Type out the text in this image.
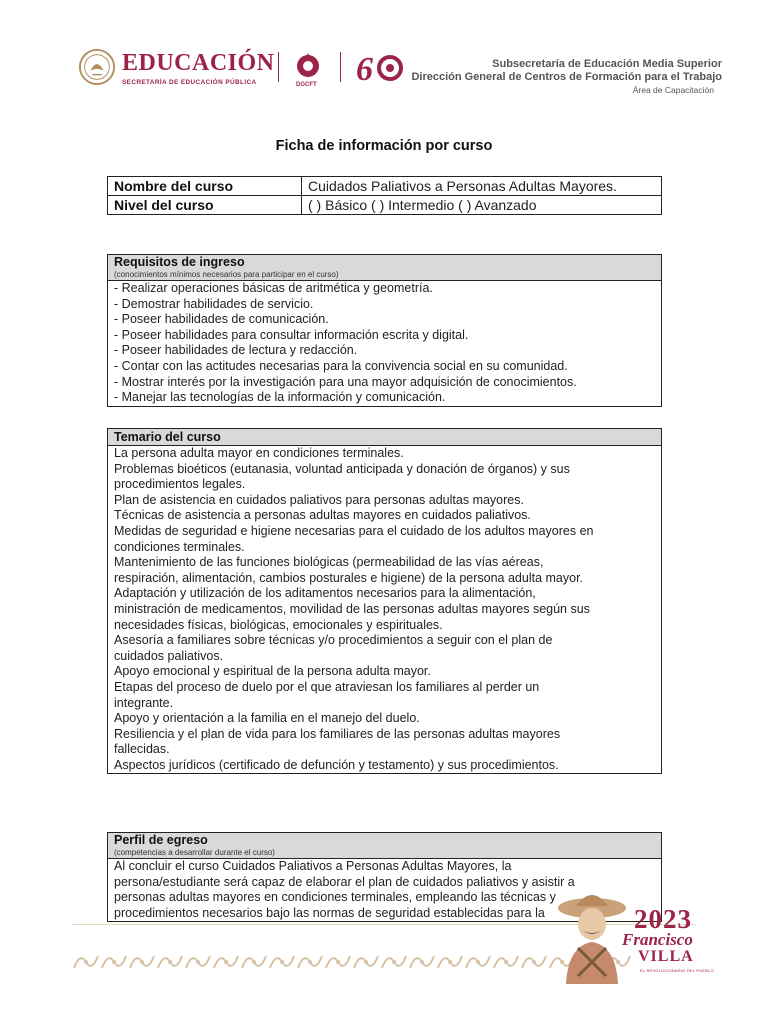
EDUCACIÓN
SECRETARÍA DE EDUCACIÓN PÚBLICA	DGCFT 6	Subsecretaría de Educación Media Superior
Dirección General de Centros de Formación para el Trabajo
Área de Capacitación
Ficha de información por curso
Nombre del curso	Cuidados Paliativos a Personas Adultas Mayores.
Nivel del curso	( ) Básico ( ) Intermedio ( ) Avanzado
Requisitos de ingreso
(conocimientos mínimos necesarios para participar en el curso)

- Realizar operaciones básicas de aritmética y geometría.
- Demostrar habilidades de servicio.
- Poseer habilidades de comunicación.
- Poseer habilidades para consultar información escrita y digital.
- Poseer habilidades de lectura y redacción.
- Contar con las actitudes necesarias para la convivencia social en su comunidad.
- Mostrar interés por la investigación para una mayor adquisición de conocimientos.
- Manejar las tecnologías de la información y comunicación.
Temario del curso

La persona adulta mayor en condiciones terminales.
Problemas bioéticos (eutanasia, voluntad anticipada y donación de órganos) y sus
procedimientos legales.
Plan de asistencia en cuidados paliativos para personas adultas mayores.
Técnicas de asistencia a personas adultas mayores en cuidados paliativos.
Medidas de seguridad e higiene necesarias para el cuidado de los adultos mayores en
condiciones terminales.
Mantenimiento de las funciones biológicas (permeabilidad de las vías aéreas,
respiración, alimentación, cambios posturales e higiene) de la persona adulta mayor.
Adaptación y utilización de los aditamentos necesarios para la alimentación,
ministración de medicamentos, movilidad de las personas adultas mayores según sus
necesidades físicas, biológicas, emocionales y espirituales.
Asesoría a familiares sobre técnicas y/o procedimientos a seguir con el plan de
cuidados paliativos.
Apoyo emocional y espiritual de la persona adulta mayor.
Etapas del proceso de duelo por el que atraviesan los familiares al perder un
integrante.
Apoyo y orientación a la familia en el manejo del duelo.
Resiliencia y el plan de vida para los familiares de las personas adultas mayores
fallecidas.
Aspectos jurídicos (certificado de defunción y testamento) y sus procedimientos.
Perfil de egreso
(competencias a desarrollar durante el curso)

Al concluir el curso Cuidados Paliativos a Personas Adultas Mayores, la
persona/estudiante será capaz de elaborar el plan de cuidados paliativos y asistir a
personas adultas mayores en condiciones terminales, empleando las técnicas y
procedimientos necesarios bajo las normas de seguridad establecidas para la	2023
Francisco
VILLA
EL REVOLUCIONARIO DEL PUEBLO
